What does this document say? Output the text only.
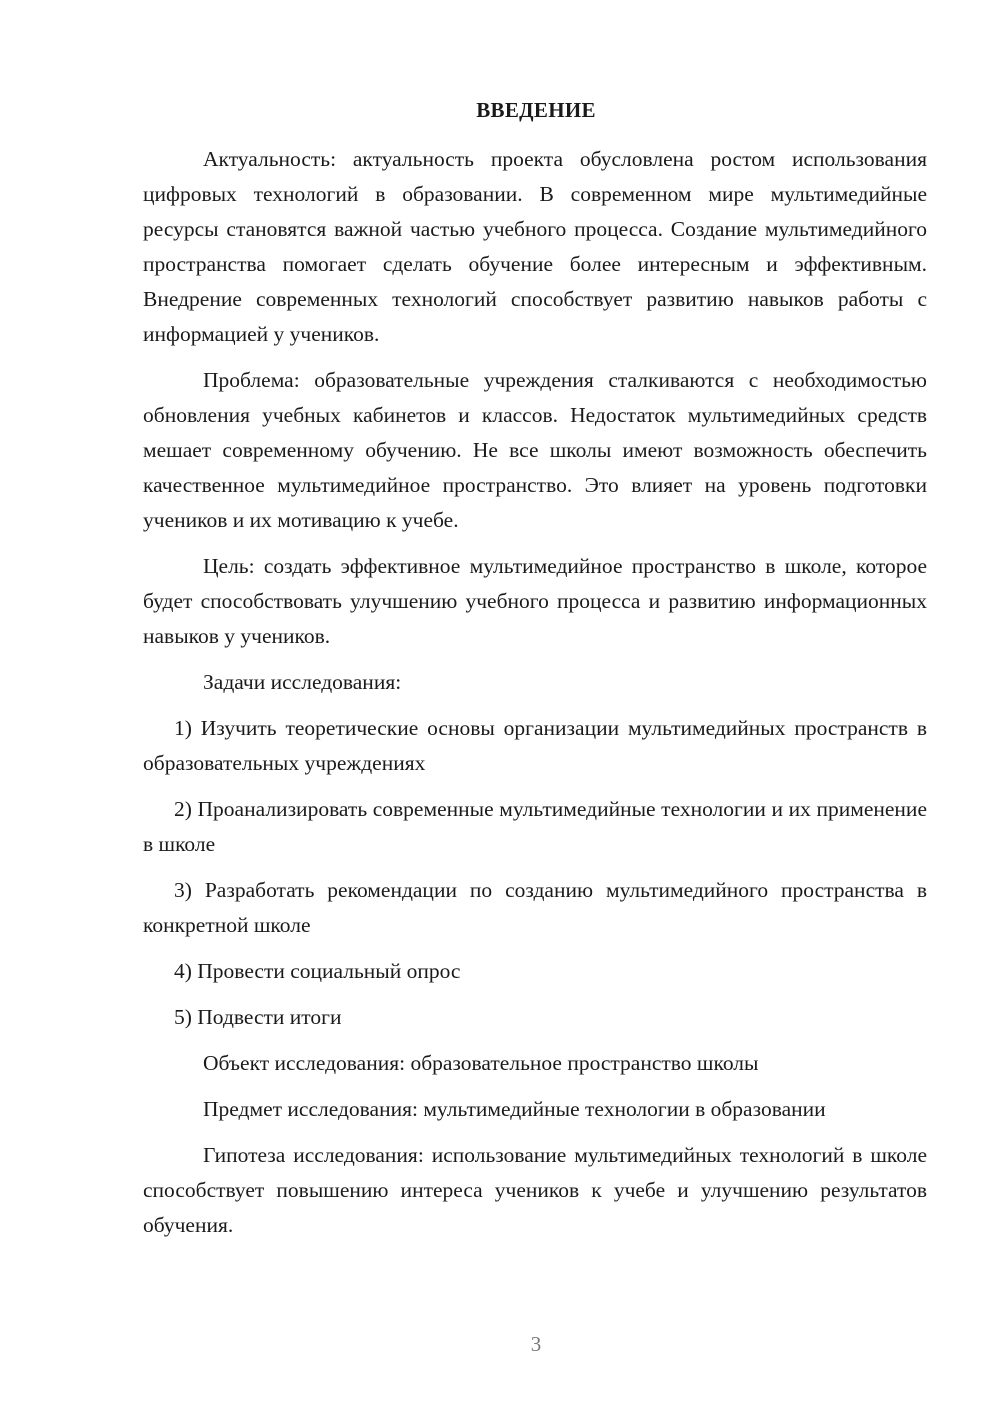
ВВЕДЕНИЕ

Актуальность: актуальность проекта обусловлена ростом использования цифровых технологий в образовании. В современном мире мультимедийные ресурсы становятся важной частью учебного процесса. Создание мультимедийного пространства помогает сделать обучение более интересным и эффективным. Внедрение современных технологий способствует развитию навыков работы с информацией у учеников.

Проблема: образовательные учреждения сталкиваются с необходимостью обновления учебных кабинетов и классов. Недостаток мультимедийных средств мешает современному обучению. Не все школы имеют возможность обеспечить качественное мультимедийное пространство. Это влияет на уровень подготовки учеников и их мотивацию к учебе.

Цель: создать эффективное мультимедийное пространство в школе, которое будет способствовать улучшению учебного процесса и развитию информационных навыков у учеников.

Задачи исследования:

1) Изучить теоретические основы организации мультимедийных пространств в образовательных учреждениях

2) Проанализировать современные мультимедийные технологии и их применение в школе

3) Разработать рекомендации по созданию мультимедийного пространства в конкретной школе

4) Провести социальный опрос

5) Подвести итоги

Объект исследования: образовательное пространство школы

Предмет исследования: мультимедийные технологии в образовании

Гипотеза исследования: использование мультимедийных технологий в школе способствует повышению интереса учеников к учебе и улучшению результатов обучения.

3
